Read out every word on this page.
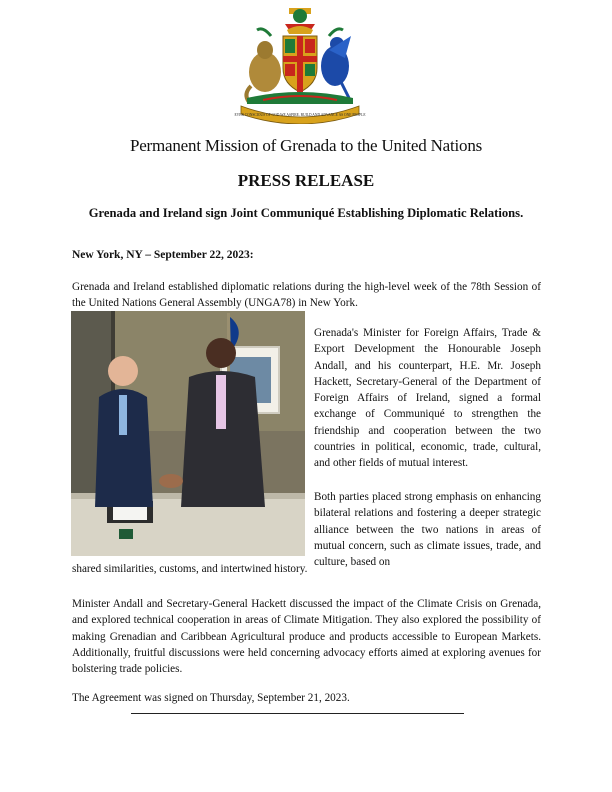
EVER CONSCIOUS OF GOD WE ASPIRE, BUILD AND ADVANCE AS ONE PEOPLE
Permanent Mission of Grenada to the United Nations
PRESS RELEASE
Grenada and Ireland sign Joint Communiqué Establishing Diplomatic Relations.
New York, NY – September 22, 2023:
Grenada and Ireland established diplomatic relations during the high-level week of the 78th Session of the United Nations General Assembly (UNGA78) in New York.
Grenada's Minister for Foreign Affairs, Trade & Export Development the Honourable Joseph Andall, and his counterpart, H.E. Mr. Joseph Hackett, Secretary-General of the Department of Foreign Affairs of Ireland, signed a formal exchange of Communiqué to strengthen the friendship and cooperation between the two countries in political, economic, trade, cultural, and other fields of mutual interest.
Both parties placed strong emphasis on enhancing bilateral relations and fostering a deeper strategic alliance between the two nations in areas of mutual concern, such as climate issues, trade, and culture, based on
shared similarities, customs, and intertwined history.
Minister Andall and Secretary-General Hackett discussed the impact of the Climate Crisis on Grenada, and explored technical cooperation in areas of Climate Mitigation. They also explored the possibility of making Grenadian and Caribbean Agricultural produce and products accessible to European Markets. Additionally, fruitful discussions were held concerning advocacy efforts aimed at exploring avenues for bolstering trade policies.
The Agreement was signed on Thursday, September 21, 2023.
